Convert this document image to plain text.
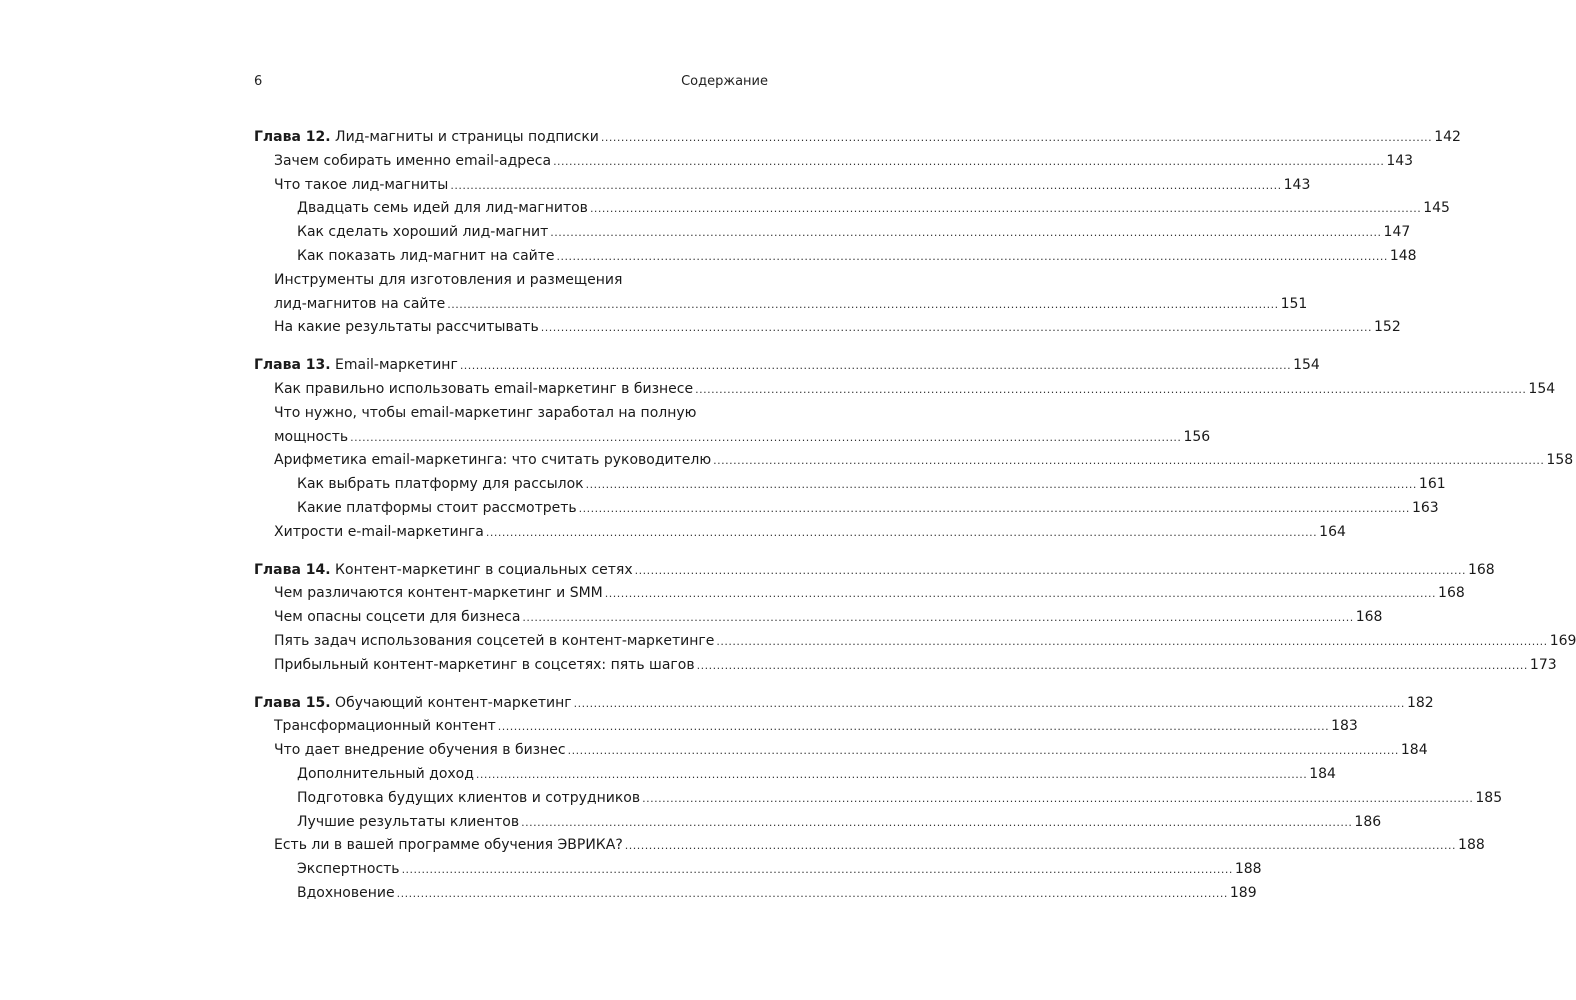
6	Содержание
Глава 12. Лид-магниты и страницы подписки .....	142
Зачем собирать именно email-адреса .....	143
Что такое лид-магниты .....	143
Двадцать семь идей для лид-магнитов .....	145
Как сделать хороший лид-магнит .....	147
Как показать лид-магнит на сайте .....	148
Инструменты для изготовления и размещения
лид-магнитов на сайте .....	151
На какие результаты рассчитывать .....	152
Глава 13. Email-маркетинг .....	154
Как правильно использовать email-маркетинг в бизнесе .....	154
Что нужно, чтобы email-маркетинг заработал на полную
мощность .....	156
Арифметика email-маркетинга: что считать руководителю .....	158
Как выбрать платформу для рассылок .....	161
Какие платформы стоит рассмотреть .....	163
Хитрости e-mail-маркетинга .....	164
Глава 14. Контент-маркетинг в социальных сетях .....	168
Чем различаются контент-маркетинг и SMM .....	168
Чем опасны соцсети для бизнеса .....	168
Пять задач использования соцсетей в контент-маркетинге .....	169
Прибыльный контент-маркетинг в соцсетях: пять шагов .....	173
Глава 15. Обучающий контент-маркетинг .....	182
Трансформационный контент .....	183
Что дает внедрение обучения в бизнес .....	184
Дополнительный доход .....	184
Подготовка будущих клиентов и сотрудников .....	185
Лучшие результаты клиентов .....	186
Есть ли в вашей программе обучения ЭВРИКА? .....	188
Экспертность .....	188
Вдохновение .....	189
